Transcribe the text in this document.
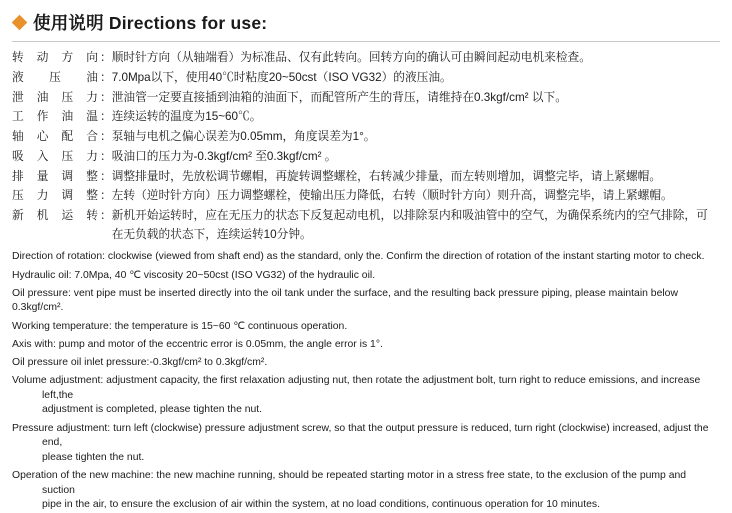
使用说明 Directions for use:
转动方向 ： 顺时针方向（从轴端看）为标准品、仅有此转向。回转方向的确认可由瞬间起动电机来检查。
液压油 ： 7.0Mpa以下，使用40℃时粘度20~50cst（ISO VG32）的液压油。
泄油压力 ： 泄油管一定要直接插到油箱的油面下，而配管所产生的背压，请维持在0.3kgf/cm² 以下。
工作油温 ： 连续运转的温度为15~60℃。
轴心配合 ： 泵轴与电机之偏心误差为0.05mm，角度误差为1°。
吸入压力 ： 吸油口的压力为-0.3kgf/cm² 至0.3kgf/cm² 。
排量调整 ： 调整排量时，先放松调节螺帽，再旋转调整螺栓，右转减少排量，而左转则增加，调整完毕，请上紧螺帽。
压力调整 ： 左转（逆时针方向）压力调整螺栓，使输出压力降低，右转（顺时针方向）则升高，调整完毕，请上紧螺帽。
新机运转 ： 新机开始运转时，应在无压力的状态下反复起动电机，以排除泵内和吸油管中的空气，为确保系统内的空气排除，可
在无负载的状态下，连续运转10分钟。

Direction of rotation: clockwise (viewed from shaft end) as the standard, only the. Confirm the direction of rotation of the instant starting motor to check.

Hydraulic oil: 7.0Mpa, 40 ℃ viscosity 20~50cst (ISO VG32) of the hydraulic oil.

Oil pressure: vent pipe must be inserted directly into the oil tank under the surface, and the resulting back pressure piping, please maintain below 0.3kgf/cm².

Working temperature: the temperature is 15~60 ℃ continuous operation.

Axis with: pump and motor of the eccentric error is 0.05mm, the angle error is 1°.

Oil pressure oil inlet pressure:-0.3kgf/cm² to 0.3kgf/cm².

Volume adjustment: adjustment capacity, the first relaxation adjusting nut, then rotate the adjustment bolt, turn right to reduce emissions, and increase left,the
adjustment is completed, please tighten the nut.

Pressure adjustment: turn left (clockwise) pressure adjustment screw, so that the output pressure is reduced, turn right (clockwise) increased, adjust the end,
please tighten the nut.

Operation of the new machine: the new machine running, should be repeated starting motor in a stress free state, to the exclusion of the pump and suction
pipe in the air, to ensure the exclusion of air within the system, at no load conditions, continuous operation for 10 minutes.
